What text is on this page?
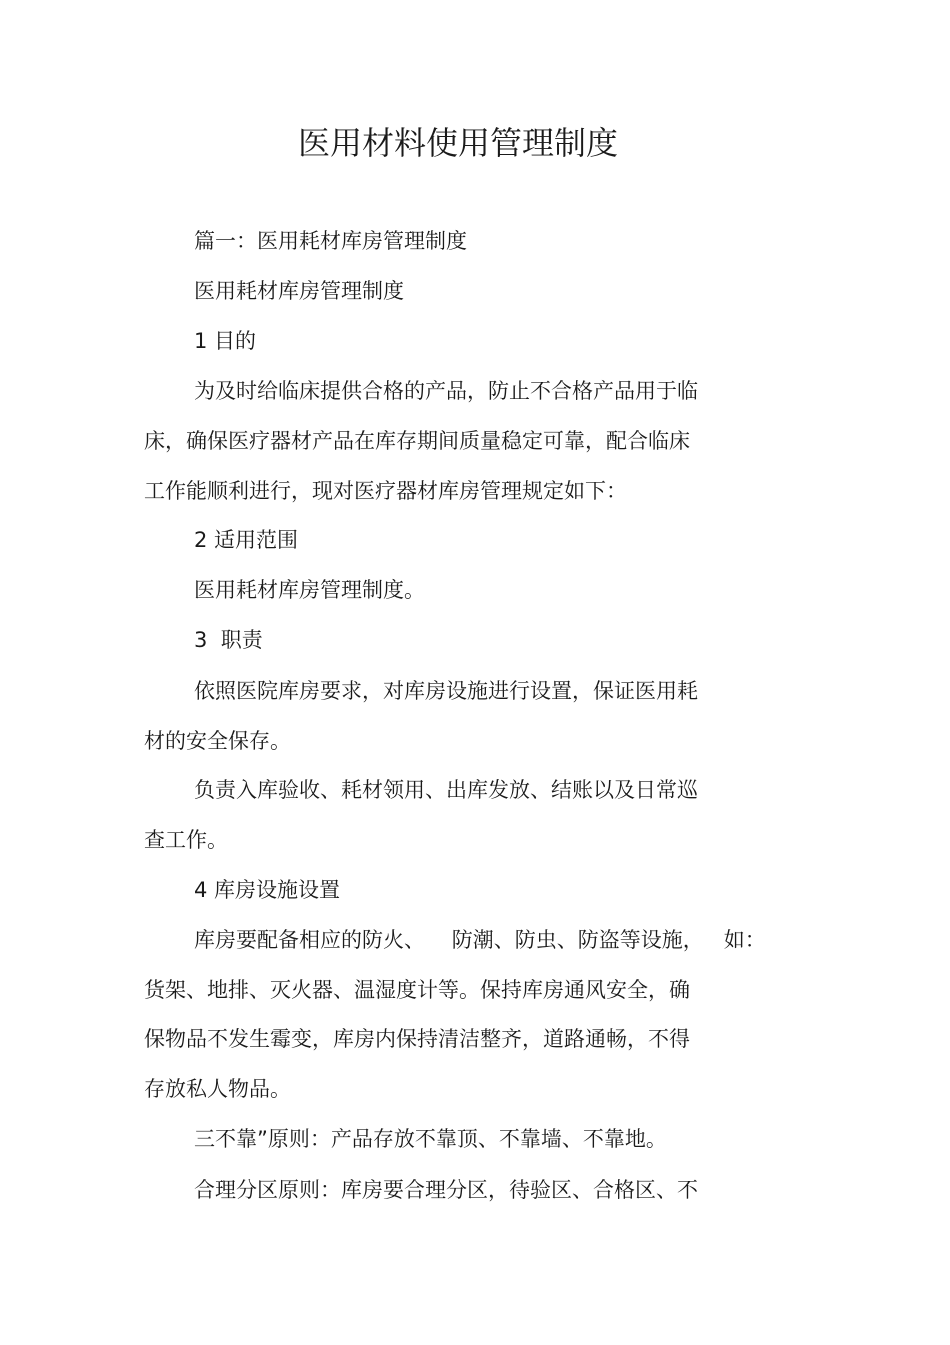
医用材料使用管理制度
篇一：医用耗材库房管理制度
医用耗材库房管理制度
1 目的
为及时给临床提供合格的产品，防止不合格产品用于临
床，确保医疗器材产品在库存期间质量稳定可靠，配合临床
工作能顺利进行，现对医疗器材库房管理规定如下：
2 适用范围
医用耗材库房管理制度。
3  职责
依照医院库房要求，对库房设施进行设置，保证医用耗
材的安全保存。
负责入库验收、耗材领用、出库发放、结账以及日常巡
查工作。
4 库房设施设置
库房要配备相应的防火、    防潮、防虫、防盗等设施，   如：
货架、地排、灭火器、温湿度计等。保持库房通风安全，确
保物品不发生霉变，库房内保持清洁整齐，道路通畅，不得
存放私人物品。
三不靠”原则：产品存放不靠顶、不靠墙、不靠地。
合理分区原则：库房要合理分区，待验区、合格区、不
